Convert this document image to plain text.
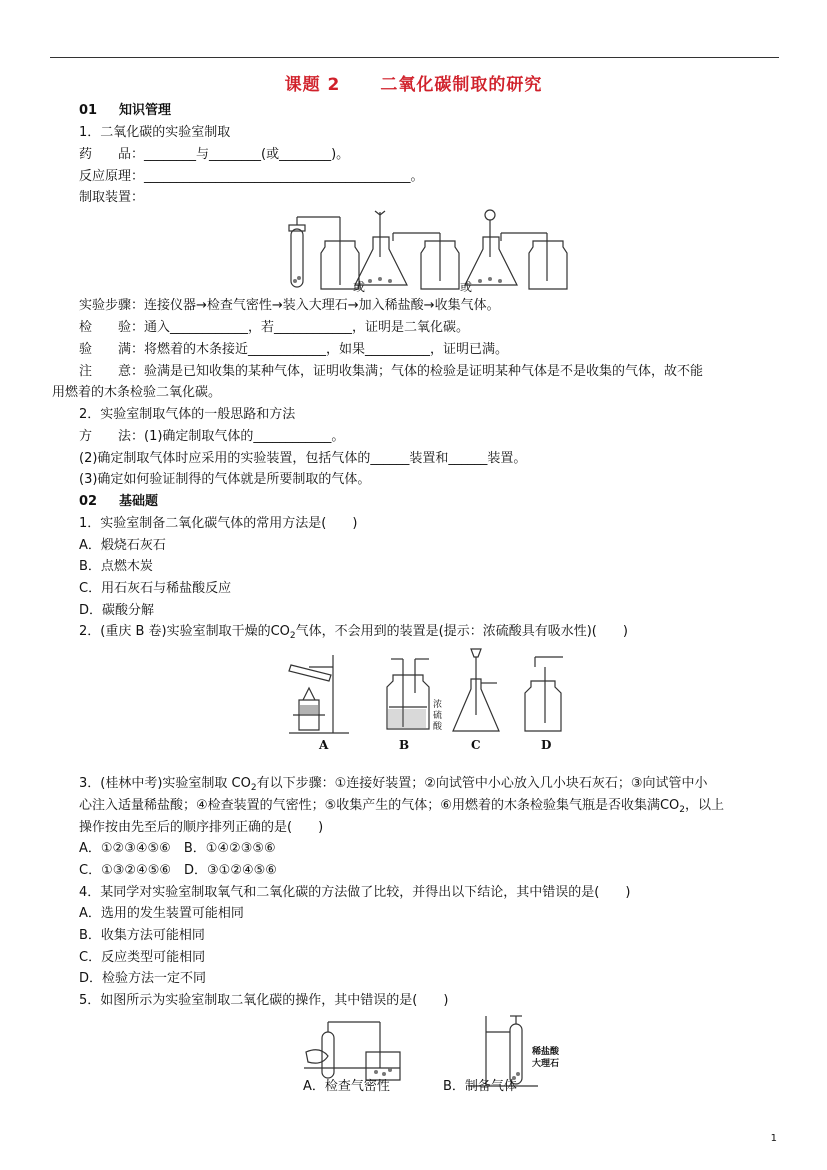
课题 2 二氧化碳制取的研究
01 知识管理
1．二氧化碳的实验室制取
药　　品：________与________(或________)。
反应原理：_________________________________________。
制取装置：
或	或
实验步骤：连接仪器→检查气密性→装入大理石→加入稀盐酸→收集气体。
检　　验：通入____________，若____________，证明是二氧化碳。
验　　满：将燃着的木条接近____________，如果__________，证明已满。
注　　意：验满是已知收集的某种气体，证明收集满；气体的检验是证明某种气体是不是收集的气体，故不能
用燃着的木条检验二氧化碳。
2．实验室制取气体的一般思路和方法
方　　法：(1)确定制取气体的____________。
(2)确定制取气体时应采用的实验装置，包括气体的______装置和______装置。
(3)确定如何验证制得的气体就是所要制取的气体。
02 基础题
1．实验室制备二氧化碳气体的常用方法是(　　)
A．煅烧石灰石
B．点燃木炭
C．用石灰石与稀盐酸反应
D．碳酸分解
2．(重庆 B 卷)实验室制取干燥的$CO_2$气体，不会用到的装置是(提示：浓硫酸具有吸水性)(　　)
浓
硫
酸
A	B	C	D
3．(桂林中考)实验室制取 $CO_2$有以下步骤：①连接好装置；②向试管中小心放入几小块石灰石；③向试管中小
心注入适量稀盐酸；④检查装置的气密性；⑤收集产生的气体；⑥用燃着的木条检验集气瓶是否收集满$CO_2$，以上
操作按由先至后的顺序排列正确的是(　　)
A．①②③④⑤⑥　B．①④②③⑤⑥
C．①③②④⑤⑥　D．③①②④⑤⑥
4．某同学对实验室制取氧气和二氧化碳的方法做了比较，并得出以下结论，其中错误的是(　　)
A．选用的发生装置可能相同
B．收集方法可能相同
C．反应类型可能相同
D．检验方法一定不同
5．如图所示为实验室制取二氧化碳的操作，其中错误的是(　　)
稀盐酸
大理石
A．检查气密性	B．制备气体
1
